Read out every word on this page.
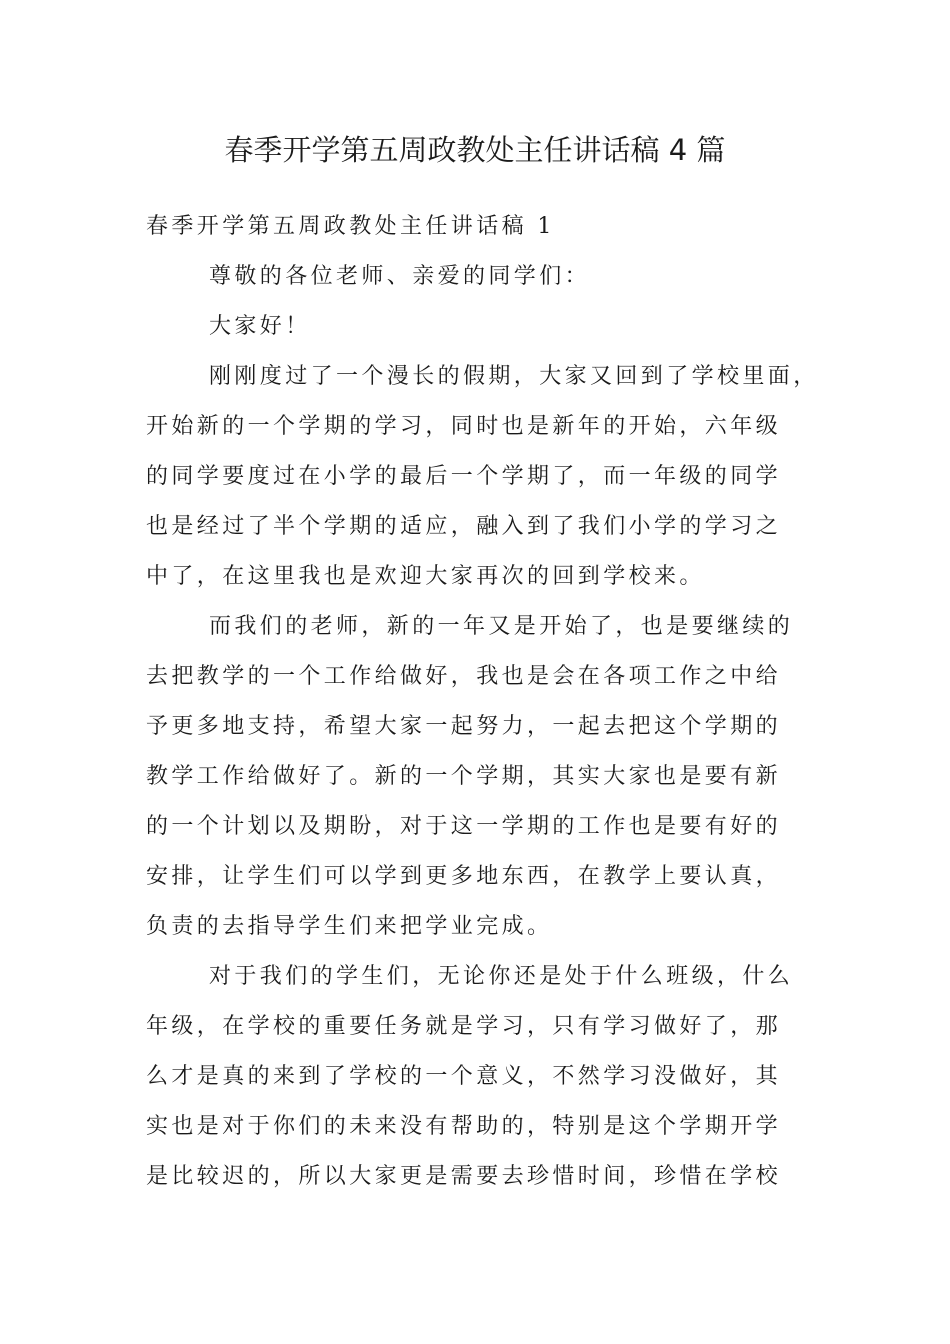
春季开学第五周政教处主任讲话稿 4 篇
春季开学第五周政教处主任讲话稿 1
尊敬的各位老师、亲爱的同学们：
大家好！
刚刚度过了一个漫长的假期，大家又回到了学校里面，
开始新的一个学期的学习，同时也是新年的开始，六年级
的同学要度过在小学的最后一个学期了，而一年级的同学
也是经过了半个学期的适应，融入到了我们小学的学习之
中了，在这里我也是欢迎大家再次的回到学校来。
而我们的老师，新的一年又是开始了，也是要继续的
去把教学的一个工作给做好，我也是会在各项工作之中给
予更多地支持，希望大家一起努力，一起去把这个学期的
教学工作给做好了。新的一个学期，其实大家也是要有新
的一个计划以及期盼，对于这一学期的工作也是要有好的
安排，让学生们可以学到更多地东西，在教学上要认真，
负责的去指导学生们来把学业完成。
对于我们的学生们，无论你还是处于什么班级，什么
年级，在学校的重要任务就是学习，只有学习做好了，那
么才是真的来到了学校的一个意义，不然学习没做好，其
实也是对于你们的未来没有帮助的，特别是这个学期开学
是比较迟的，所以大家更是需要去珍惜时间，珍惜在学校
